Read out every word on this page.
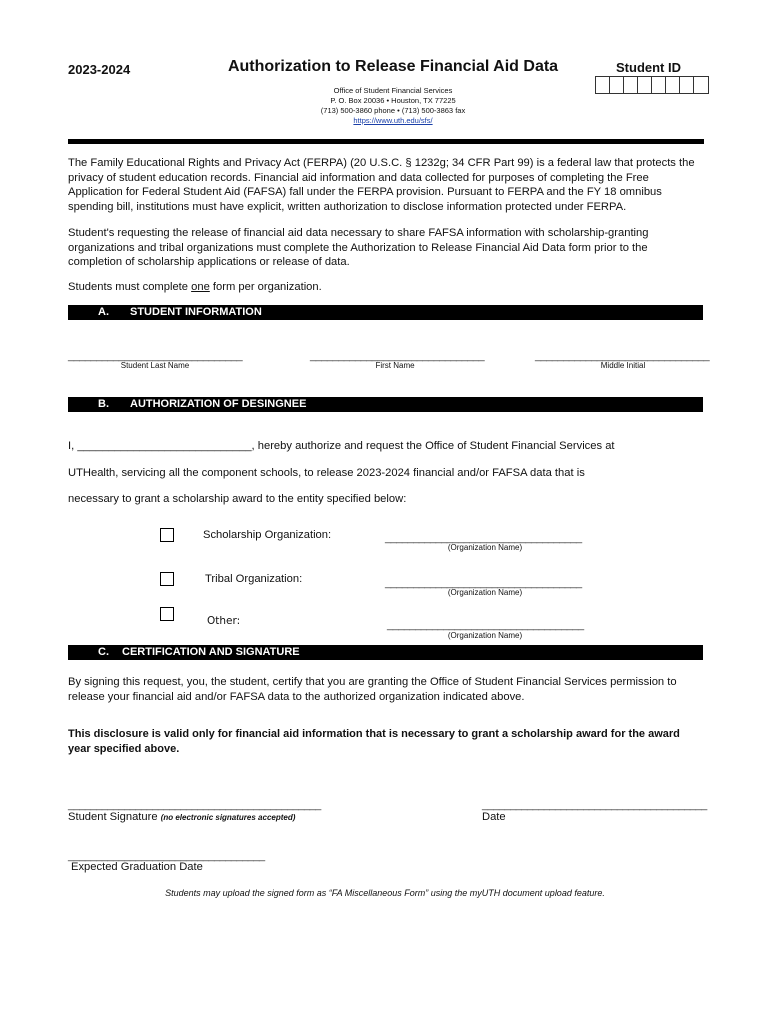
2023-2024	Authorization to Release Financial Aid Data	Student ID
Office of Student Financial Services
P. O. Box 20036 • Houston, TX 77225
(713) 500-3860 phone • (713) 500-3863 fax
https://www.uth.edu/sfs/
The Family Educational Rights and Privacy Act (FERPA) (20 U.S.C. § 1232g; 34 CFR Part 99) is a federal law that protects the privacy of student education records. Financial aid information and data collected for purposes of completing the Free Application for Federal Student Aid (FAFSA) fall under the FERPA provision. Pursuant to FERPA and the FY 18 omnibus spending bill, institutions must have explicit, written authorization to disclose information protected under FERPA.
Student's requesting the release of financial aid data necessary to share FAFSA information with scholarship-granting organizations and tribal organizations must complete the Authorization to Release Financial Aid Data form prior to the completion of scholarship applications or release of data.
Students must complete one form per organization.
A. STUDENT INFORMATION
_______________________________	_______________________________	_______________________________
Student Last Name	First Name	Middle Initial
B. AUTHORIZATION OF DESINGNEE
I, ____________________________, hereby authorize and request the Office of Student Financial Services at
UTHealth, servicing all the component schools, to release 2023-2024 financial and/or FAFSA data that is
necessary to grant a scholarship award to the entity specified below:
Scholarship Organization:	___________________________________
(Organization Name)
Tribal Organization:	___________________________________
(Organization Name)
Other:	___________________________________
(Organization Name)
C. CERTIFICATION AND SIGNATURE
By signing this request, you, the student, certify that you are granting the Office of Student Financial Services permission to release your financial aid and/or FAFSA data to the authorized organization indicated above.
This disclosure is valid only for financial aid information that is necessary to grant a scholarship award for the award year specified above.
_____________________________________________	________________________________________
Student Signature (no electronic signatures accepted)	Date
___________________________________
Expected Graduation Date
Students may upload the signed form as “FA Miscellaneous Form” using the myUTH document upload feature.
